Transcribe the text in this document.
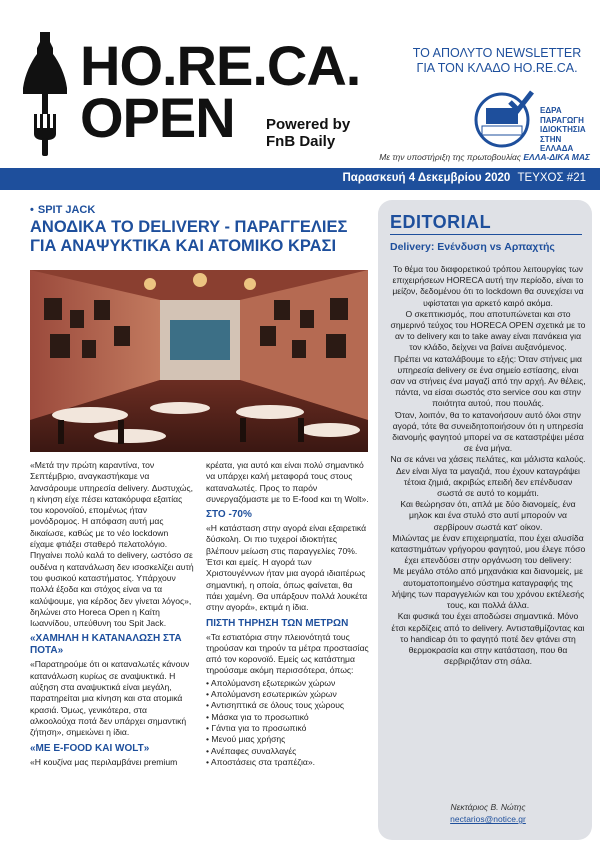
HO.RE.CA.
OPEN	Powered by
FnB Daily
ΤΟ ΑΠΟΛΥΤΟ NEWSLETTER
ΓΙΑ ΤΟΝ ΚΛΑΔΟ HO.RE.CA.
ΕΔΡΑ ΠΑΡΑΓΩΓΗ ΙΔΙΟΚΤΗΣΙΑ ΣΤΗΝ ΕΛΛΑΔΑ
Με την υποστήριξη της πρωτοβουλίας ΕΛΛΑ-ΔΙΚΑ ΜΑΣ
Παρασκευή 4 Δεκεμβρίου 2020 ΤΕΥΧΟΣ #21
• SPIT JACK
ΑΝΟΔΙΚΑ ΤΟ DELIVERY - ΠΑΡΑΓΓΕΛΙΕΣ ΓΙΑ ΑΝΑΨΥΚΤΙΚΑ ΚΑΙ ΑΤΟΜΙΚΟ ΚΡΑΣΙ

«Μετά την πρώτη καραντίνα, τον Σεπτέμβριο, αναγκαστήκαμε να λανσάρουμε υπηρεσία delivery. Δυστυχώς, η κίνηση είχε πέσει κατακόρυφα εξαιτίας του κορονοϊού, επομένως ήταν μονόδρομος. Η απόφαση αυτή μας δικαίωσε, καθώς με το νέο lockdown είχαμε φτιάξει σταθερό πελατολόγιο. Πηγαίνει πολύ καλά το delivery, ωστόσο σε ουδένα η κατανάλωση δεν ισοσκελίζει αυτή του φυσικού καταστήματος. Υπάρχουν πολλά έξοδα και στόχος είναι να τα καλύψουμε, για κέρδος δεν γίνεται λόγος», δηλώνει στο Horeca Open η Καίτη Ιωαννίδου, υπεύθυνη του Spit Jack.

«ΧΑΜΗΛΗ Η ΚΑΤΑΝΑΛΩΣΗ ΣΤΑ ΠΟΤΑ»

«Παρατηρούμε ότι οι καταναλωτές κάνουν κατανάλωση κυρίως σε αναψυκτικά. Η αύξηση στα αναψυκτικά είναι μεγάλη, παρατηρείται μια κίνηση και στα ατομικά κρασιά. Όμως, γενικότερα, στα αλκοολούχα ποτά δεν υπάρχει σημαντική ζήτηση», σημειώνει η ίδια.

«ΜΕ E-FOOD ΚΑΙ WOLT»

«Η κουζίνα μας περιλαμβάνει premium

κρέατα, για αυτό και είναι πολύ σημαντικό να υπάρχει καλή μεταφορά τους στους καταναλωτές. Προς το παρόν συνεργαζόμαστε με το E-food και τη Wolt».

ΣΤΟ -70%

«Η κατάσταση στην αγορά είναι εξαιρετικά δύσκολη. Οι πιο τυχεροί ιδιοκτήτες βλέπουν μείωση στις παραγγελίες 70%. Έτσι και εμείς. Η αγορά των Χριστουγέννων ήταν μια αγορά ιδιαιτέρως σημαντική, η οποία, όπως φαίνεται, θα πάει χαμένη. Θα υπάρξουν πολλά λουκέτα στην αγορά», εκτιμά η ίδια.

ΠΙΣΤΗ ΤΗΡΗΣΗ ΤΩΝ ΜΕΤΡΩΝ

«Τα εστιατόρια στην πλειονότητά τους τηρούσαν και τηρούν τα μέτρα προστασίας από τον κορονοϊό. Εμείς ως κατάστημα τηρούσαμε ακόμη περισσότερα, όπως:

• Απολύμανση εξωτερικών χώρων
• Απολύμανση εσωτερικών χώρων
• Αντισηπτικά σε όλους τους χώρους
• Μάσκα για το προσωπικό
• Γάντια για το προσωπικό
• Μενού μιας χρήσης
• Ανέπαφες συναλλαγές
• Αποστάσεις στα τραπέζια».
EDITORIAL
Delivery: Ενένδυση vs Αρπαχτής

Το θέμα του διαφορετικού τρόπου λειτουργίας των επιχειρήσεων HORECA αυτή την περίοδο, είναι το μείζον, δεδομένου ότι το lockdown θα συνεχίσει να υφίσταται για αρκετό καιρό ακόμα.

Ο σκεπτικισμός, που αποτυπώνεται και στο σημερινό τεύχος του HORECA OPEN σχετικά με το αν το delivery και to take away είναι πανάκεια για τον κλάδο, δείχνει να βαίνει αυξανόμενος.

Πρέπει να καταλάβουμε το εξής: Όταν στήνεις μια υπηρεσία delivery σε ένα σημείο εστίασης, είναι σαν να στήνεις ένα μαγαζί από την αρχή. Αν θέλεις, πάντα, να είσαι σωστός στο service σου και στην ποιότητα αυτού, που πουλάς.

Όταν, λοιπόν, θα το κατανοήσουν αυτό όλοι στην αγορά, τότε θα συνειδητοποιήσουν ότι η υπηρεσία διανομής φαγητού μπορεί να σε καταστρέψει μέσα σε ένα μήνα.

Να σε κάνει να χάσεις πελάτες, και μάλιστα καλούς.

Δεν είναι λίγα τα μαγαζιά, που έχουν καταγράψει τέτοια ζημιά, ακριβώς επειδή δεν επένδυσαν σωστά σε αυτό το κομμάτι.

Και θεώρησαν ότι, απλά με δύο διανομείς, ένα μηλοκ και ένα στυλό στο αυτί μπορούν να σερβίρουν σωστά κατ' οίκον.

Μιλώντας με έναν επιχειρηματία, που έχει αλυσίδα καταστημάτων γρήγορου φαγητού, μου έλεγε πόσο έχει επενδύσει στην οργάνωση του delivery:

Με μεγάλο στόλο από μηχανάκια και διανομείς, με αυτοματοποιημένο σύστημα καταγραφής της λήψης των παραγγελιών και του χρόνου εκτέλεσής τους, και πολλά άλλα.

Και φυσικά του έχει αποδώσει σημαντικά. Μόνο έτσι κερδίζεις από το delivery. Αντισταθμίζοντας και το handicap ότι το φαγητό ποτέ δεν φτάνει στη θερμοκρασία και στην κατάσταση, που θα σερβιριζόταν στη σάλα.

Νεκτάριος Β. Νώτης
nectarios@notice.gr
